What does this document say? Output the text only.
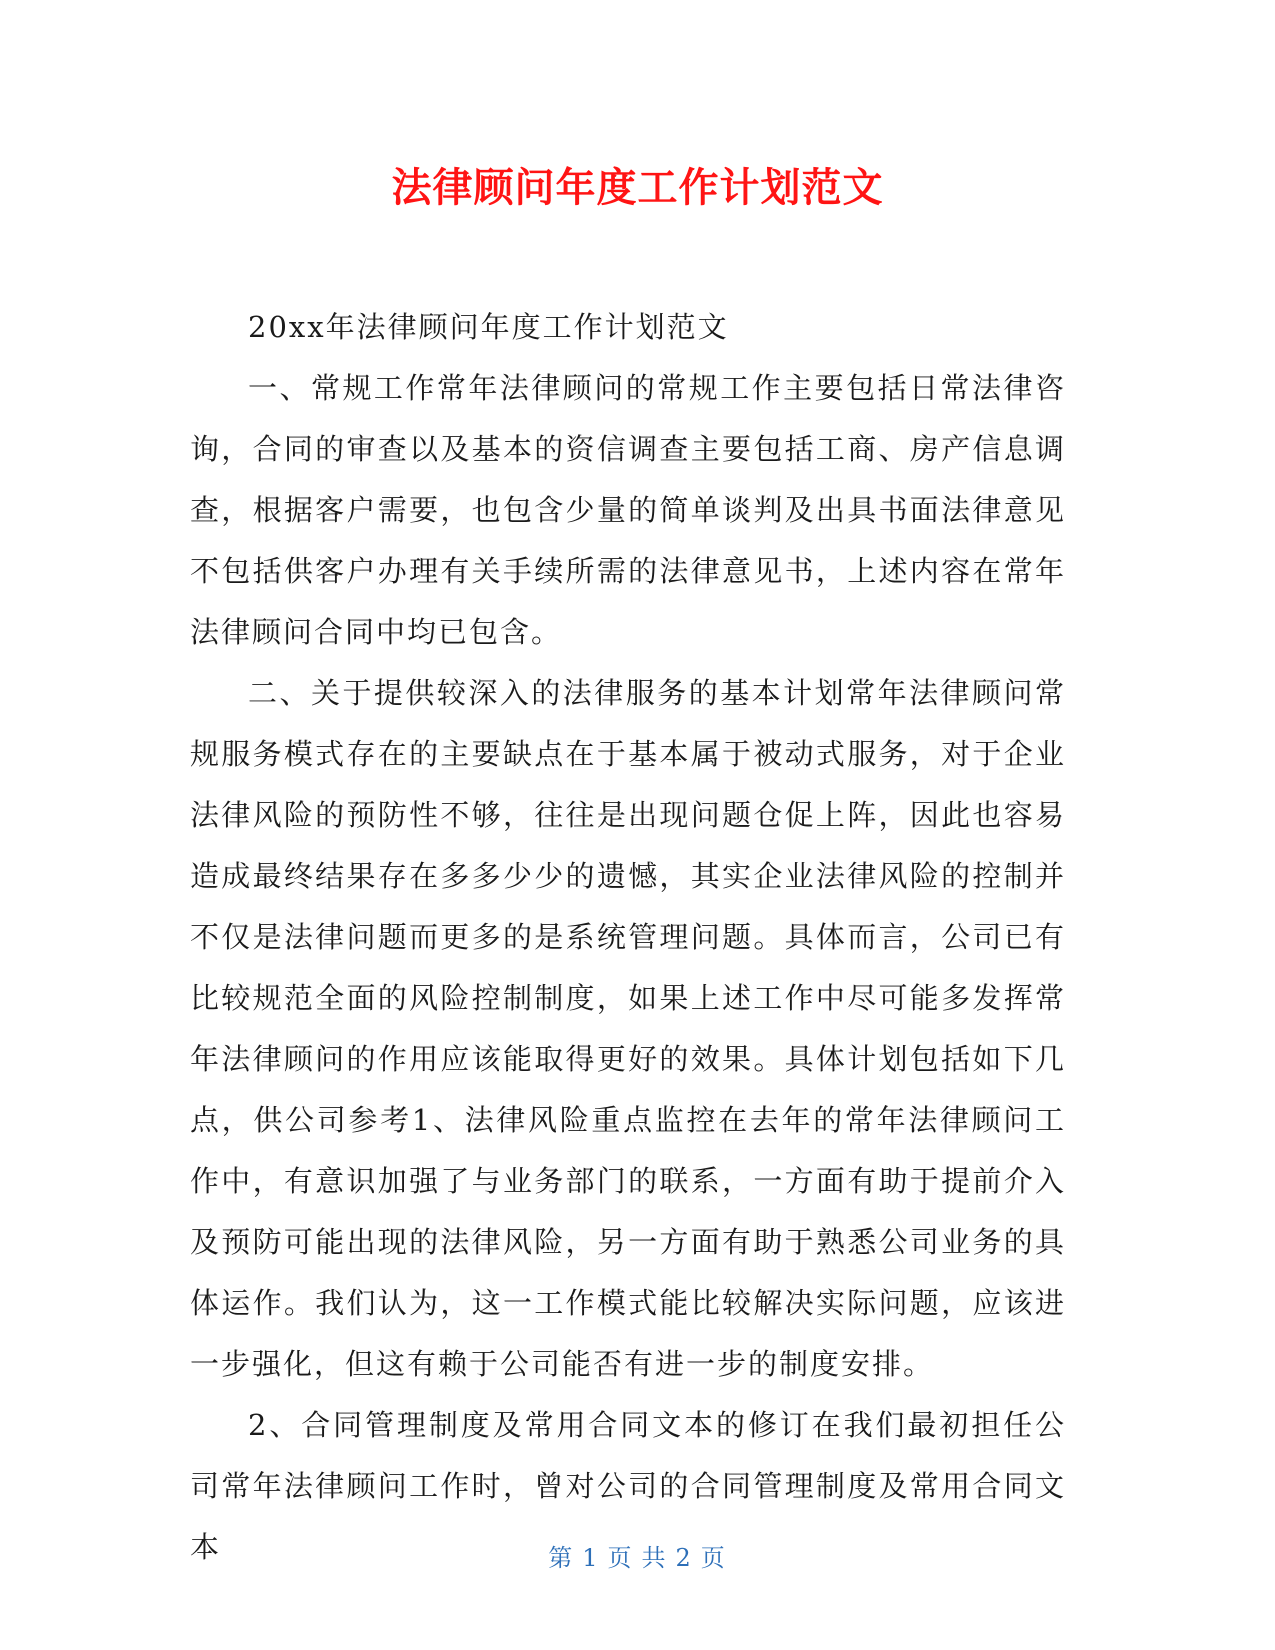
法律顾问年度工作计划范文

20xx年法律顾问年度工作计划范文

一、常规工作常年法律顾问的常规工作主要包括日常法律咨询，合同的审查以及基本的资信调查主要包括工商、房产信息调查，根据客户需要，也包含少量的简单谈判及出具书面法律意见不包括供客户办理有关手续所需的法律意见书，上述内容在常年法律顾问合同中均已包含。

二、关于提供较深入的法律服务的基本计划常年法律顾问常规服务模式存在的主要缺点在于基本属于被动式服务，对于企业法律风险的预防性不够，往往是出现问题仓促上阵，因此也容易造成最终结果存在多多少少的遗憾，其实企业法律风险的控制并不仅是法律问题而更多的是系统管理问题。具体而言，公司已有比较规范全面的风险控制制度，如果上述工作中尽可能多发挥常年法律顾问的作用应该能取得更好的效果。具体计划包括如下几点，供公司参考1、法律风险重点监控在去年的常年法律顾问工作中，有意识加强了与业务部门的联系，一方面有助于提前介入及预防可能出现的法律风险，另一方面有助于熟悉公司业务的具体运作。我们认为，这一工作模式能比较解决实际问题，应该进一步强化，但这有赖于公司能否有进一步的制度安排。

2、合同管理制度及常用合同文本的修订在我们最初担任公司常年法律顾问工作时，曾对公司的合同管理制度及常用合同文本	第 1 页 共 2 页
